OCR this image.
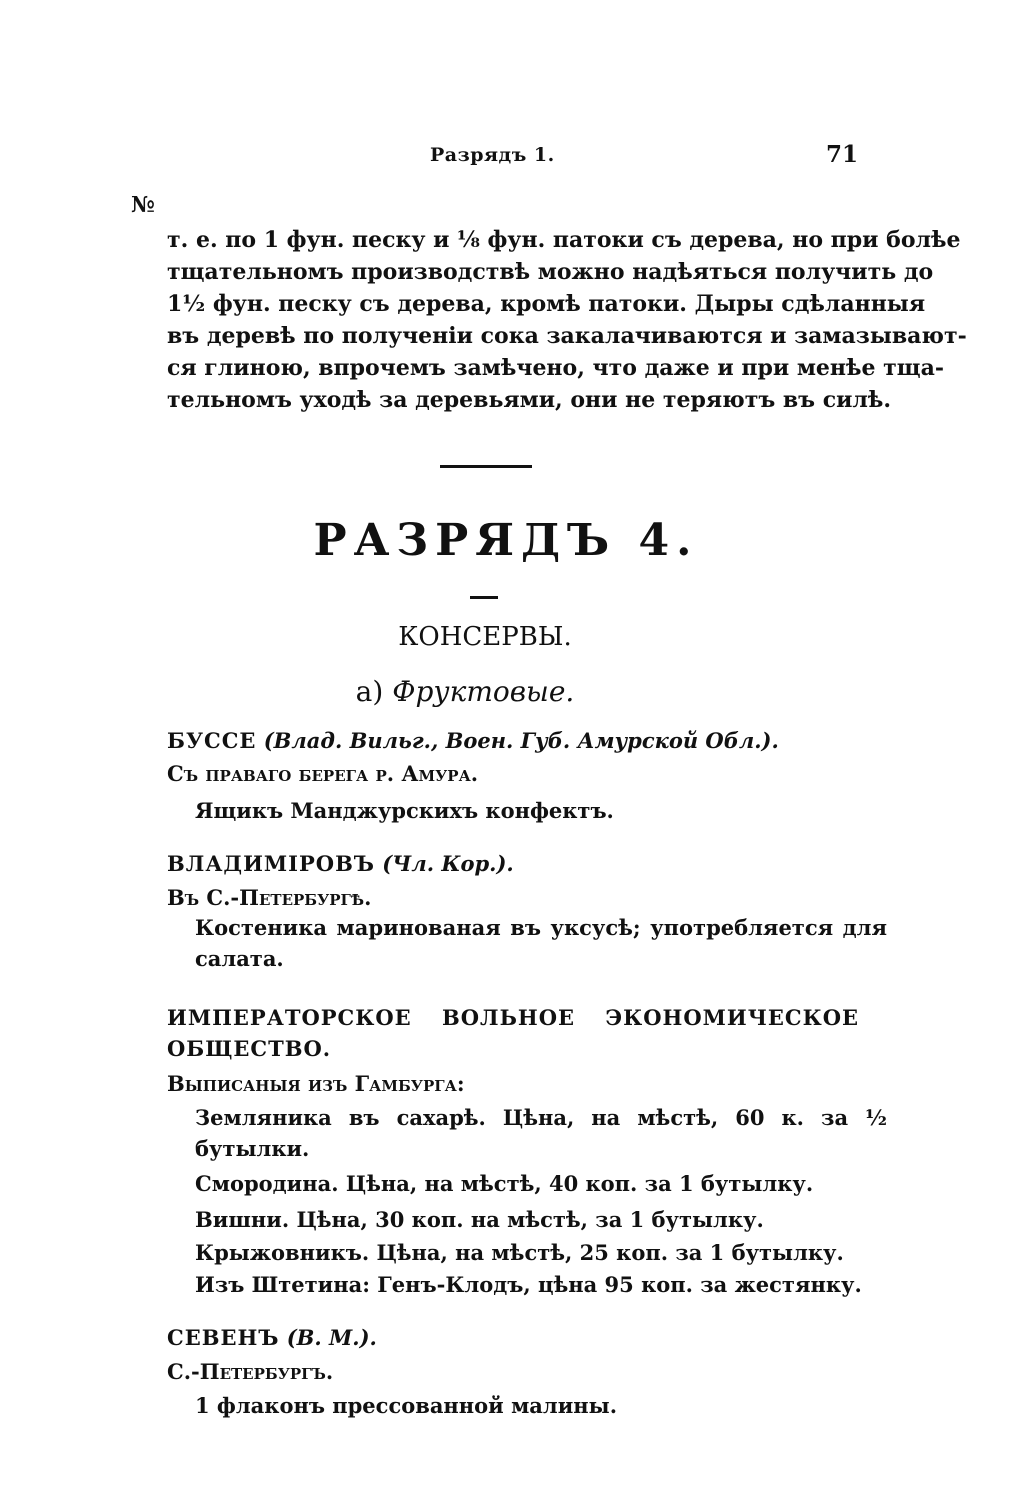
Разрядъ 1.	71
№
т. е. по 1 фун. песку и ⅛ фун. патоки съ дерева, но при болѣе
тщательномъ производствѣ можно надѣяться получить до
1½ фун. песку съ дерева, кромѣ патоки. Дыры сдѣланныя
въ деревѣ по полученіи сока закалачиваются и замазывают-
ся глиною, впрочемъ замѣчено, что даже и при менѣе тща-
тельномъ уходѣ за деревьями, они не теряютъ въ силѣ.
РАЗРЯДЪ 4.
КОНСЕРВЫ.
а) Фруктовые.
БУССЕ (Влад. Вильг., Воен. Губ. Амурской Обл.).
Съ праваго берега р. Амура.
Ящикъ Манджурскихъ конфектъ.
ВЛАДИМІРОВЪ (Чл. Кор.).
Въ С.-Петербургѣ.
Костеника маринованая въ уксусѣ; употребляется для салата.
ИМПЕРАТОРСКОЕ ВОЛЬНОЕ ЭКОНОМИЧЕСКОЕ ОБЩЕСТВО.
Выписаныя изъ Гамбурга:
Земляника въ сахарѣ. Цѣна, на мѣстѣ, 60 к. за ½ бутылки.
Смородина. Цѣна, на мѣстѣ, 40 коп. за 1 бутылку.
Вишни. Цѣна, 30 коп. на мѣстѣ, за 1 бутылку.
Крыжовникъ. Цѣна, на мѣстѣ, 25 коп. за 1 бутылку.
Изъ Штетина: Генъ-Клодъ, цѣна 95 коп. за жестянку.
СЕВЕНЪ (В. М.).
С.-Петербургъ.
1 флаконъ пресcованной малины.
